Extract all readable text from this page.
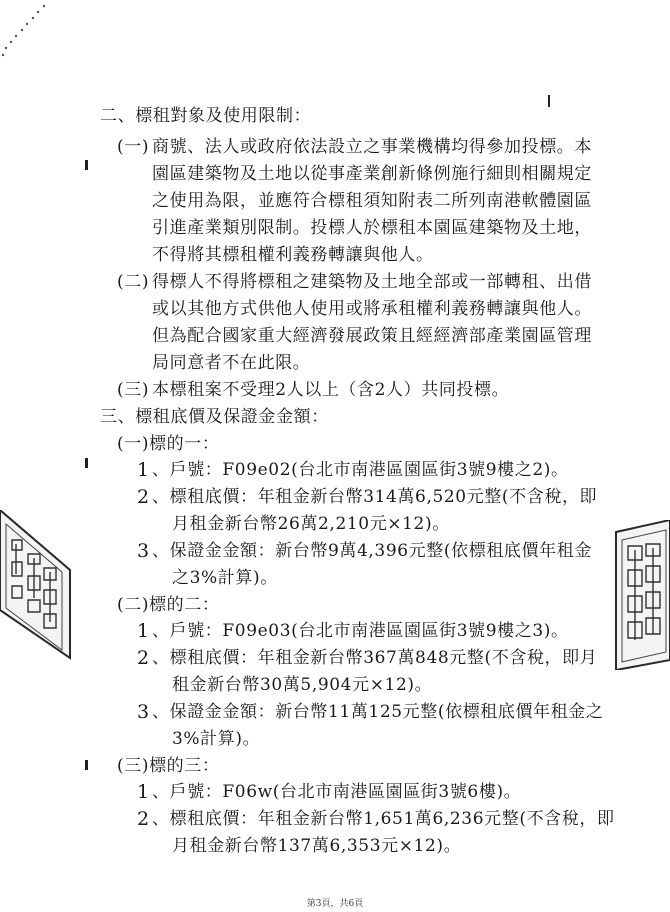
二、標租對象及使用限制：
(一) 商號、法人或政府依法設立之事業機構均得參加投標。本
園區建築物及土地以從事產業創新條例施行細則相關規定
之使用為限，並應符合標租須知附表二所列南港軟體園區
引進產業類別限制。投標人於標租本園區建築物及土地，
不得將其標租權利義務轉讓與他人。
(二) 得標人不得將標租之建築物及土地全部或一部轉租、出借
或以其他方式供他人使用或將承租權利義務轉讓與他人。
但為配合國家重大經濟發展政策且經經濟部產業園區管理
局同意者不在此限。
(三) 本標租案不受理2人以上（含2人）共同投標。
三、標租底價及保證金金額：
(一)標的一：
1 、戶號：F09e02(台北市南港區園區街3號9樓之2)。
2 、標租底價：年租金新台幣314萬6,520元整(不含稅，即
月租金新台幣26萬2,210元×12)。
3 、保證金金額：新台幣9萬4,396元整(依標租底價年租金
之3%計算)。
(二)標的二：
1 、戶號：F09e03(台北市南港區園區街3號9樓之3)。
2 、標租底價：年租金新台幣367萬848元整(不含稅，即月
租金新台幣30萬5,904元×12)。
3 、保證金金額：新台幣11萬125元整(依標租底價年租金之
3%計算)。
(三)標的三：
1 、戶號：F06w(台北市南港區園區街3號6樓)。
2 、標租底價：年租金新台幣1,651萬6,236元整(不含稅，即
月租金新台幣137萬6,353元×12)。
第3頁，共6頁
